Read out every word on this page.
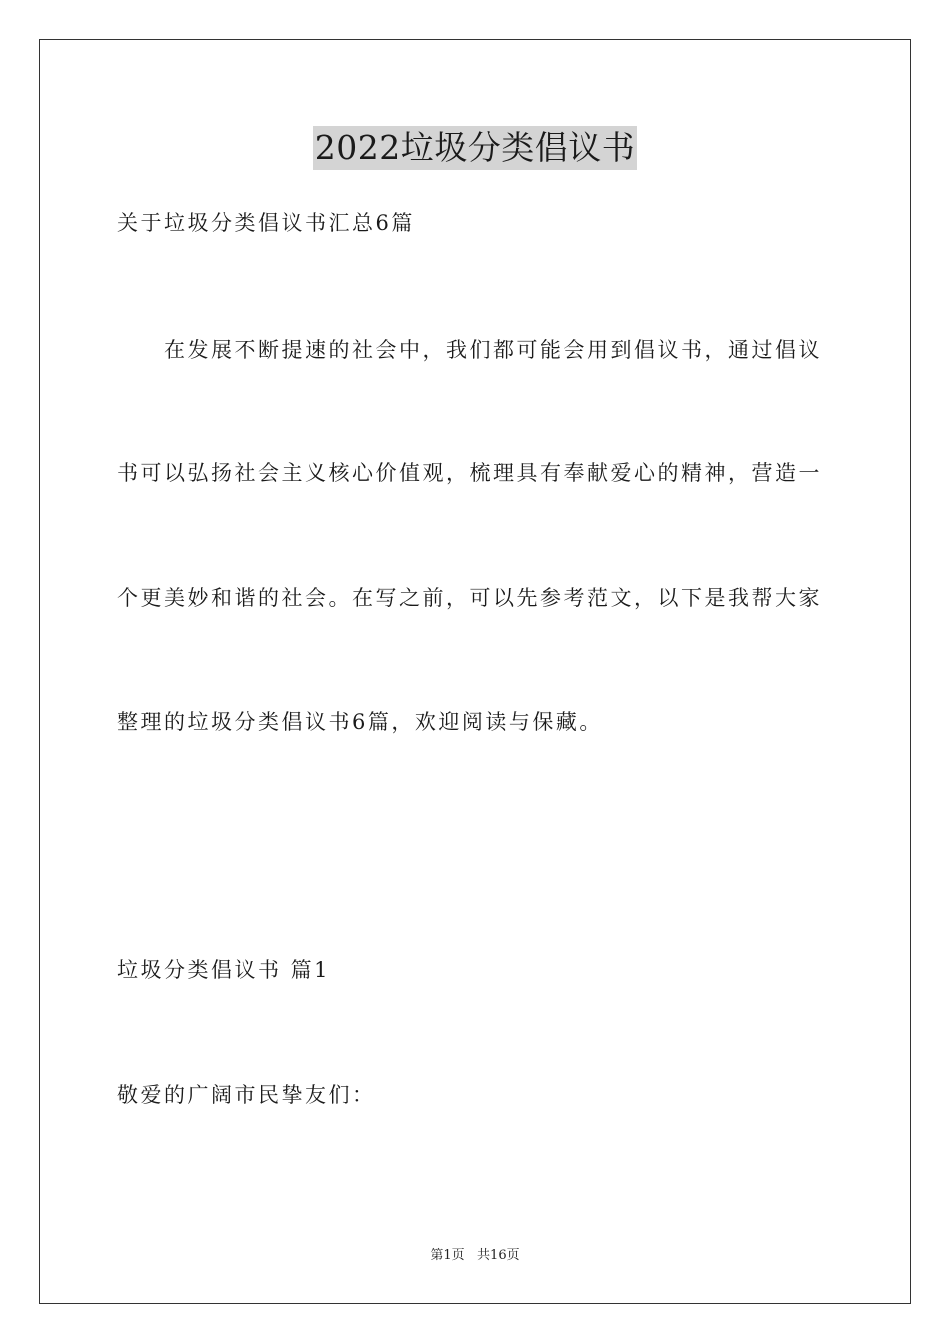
2022垃圾分类倡议书
关于垃圾分类倡议书汇总6篇
在发展不断提速的社会中，我们都可能会用到倡议书，通过倡议
书可以弘扬社会主义核心价值观，梳理具有奉献爱心的精神，营造一
个更美妙和谐的社会。在写之前，可以先参考范文，以下是我帮大家
整理的垃圾分类倡议书6篇，欢迎阅读与保藏。
垃圾分类倡议书 篇1
敬爱的广阔市民挚友们：
第1页   共16页
